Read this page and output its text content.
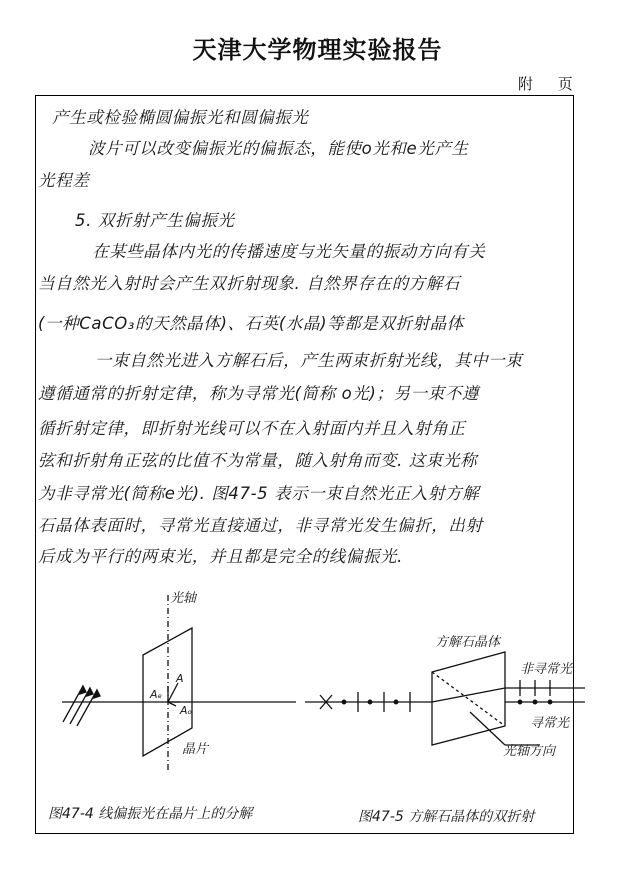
天津大学物理实验报告
附 页
产生或检验椭圆偏振光和圆偏振光
波片可以改变偏振光的偏振态，能使o光和e光产生
光程差
5. 双折射产生偏振光
在某些晶体内光的传播速度与光矢量的振动方向有关
当自然光入射时会产生双折射现象. 自然界存在的方解石
(一种CaCO₃的天然晶体)、石英(水晶)等都是双折射晶体
一束自然光进入方解石后，产生两束折射光线，其中一束
遵循通常的折射定律，称为寻常光(简称 o光)；另一束不遵
循折射定律，即折射光线可以不在入射面内并且入射角正
弦和折射角正弦的比值不为常量，随入射角而变. 这束光称
为非寻常光(简称e光). 图47-5 表示一束自然光正入射方解
石晶体表面时，寻常光直接通过，非寻常光发生偏折，出射
后成为平行的两束光，并且都是完全的线偏振光.
光轴
A
Aₑ
Aₒ
晶片
图47-4 线偏振光在晶片上的分解
方解石晶体
非寻常光
寻常光
光轴方向
图47-5 方解石晶体的双折射
